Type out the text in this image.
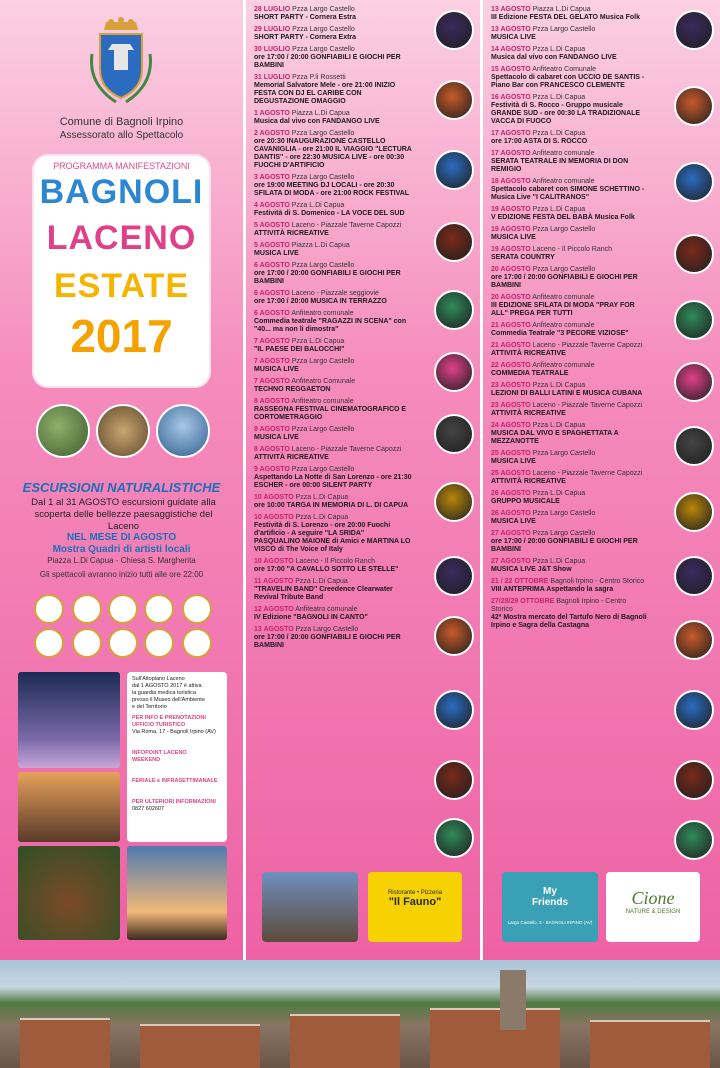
Comune di Bagnoli Irpino
Assessorato allo Spettacolo
PROGRAMMA MANIFESTAZIONI
BAGNOLI
LACENO
ESTATE
2017
ESCURSIONI NATURALISTICHE
Dal 1 al 31 AGOSTO escursioni guidate alla scoperta delle bellezze paesaggistiche del Laceno
NEL MESE DI AGOSTO
Mostra Quadri di artisti locali
Piazza L.Di Capua - Chiesa S. Margherita
Gli spettacoli avranno inizio tutti alle ore 22:00
Sull'Altopiano Laceno
dal 1 AGOSTO 2017 è attiva
la guardia medica turistica
presso il Museo dell'Ambiente
e del Territorio
PER INFO E PRENOTAZIONI
UFFICIO TURISTICO
Via Roma, 17 - Bagnoli Irpino (AV)
INFOPOINT LACENO
WEEKEND
FERIALE e INFRASETTIMANALE
PER ULTERIORI INFORMAZIONI
0827 602607
28 LUGLIO Pzza Largo Castello
SHORT PARTY - Cornera Estra
29 LUGLIO Pzza Largo Castello
SHORT PARTY - Cornera Extra
30 LUGLIO Pzza Largo Castello
ore 17:00 / 20:00 GONFIABILI E GIOCHI PER BAMBINI
31 LUGLIO Pzza P.li Rossetti
Memorial Salvatore Mele - ore 21:00 INIZIO FESTA CON DJ EL CARIBE CON DEGUSTAZIONE OMAGGIO
1 AGOSTO Piazza L.Di Capua
Musica dal vivo con FANDANGO LIVE
2 AGOSTO Pzza Largo Castello
ore 20:30 INAUGURAZIONE CASTELLO CAVANIGLIA - ore 21:00 IL VIAGGIO "LECTURA DANTIS" - ore 22:30 MUSICA LIVE - ore 00:30 FUOCHI D'ARTIFICIO
3 AGOSTO Pzza Largo Castello
ore 19:00 MEETING DJ LOCALI - ore 20:30 SFILATA DI MODA - ore 21:00 ROCK FESTIVAL
4 AGOSTO Pzza L.Di Capua
Festività di S. Domenico - LA VOCE DEL SUD
5 AGOSTO Laceno - Piazzale Taverne Capozzi
ATTIVITÀ RICREATIVE
5 AGOSTO Piazza L.Di Capua
MUSICA LIVE
6 AGOSTO Pzza Largo Castello
ore 17:00 / 20:00 GONFIABILI E GIOCHI PER BAMBINI
6 AGOSTO Laceno - Piazzale seggiovie
ore 17:00 / 20:00 MUSICA IN TERRAZZO
6 AGOSTO Anfiteatro comunale
Commedia teatrale "RAGAZZI IN SCENA" con "40... ma non li dimostra"
7 AGOSTO Pzza L.Di Capua
"IL PAESE DEI BALOCCHI"
7 AGOSTO Pzza Largo Castello
MUSICA LIVE
7 AGOSTO Anfiteatro Comunale
TECHNO REGGAETON
8 AGOSTO Anfiteatro comunale
RASSEGNA FESTIVAL CINEMATOGRAFICO E CORTOMETRAGGIO
8 AGOSTO Pzza Largo Castello
MUSICA LIVE
8 AGOSTO Laceno - Piazzale Taverne Capozzi
ATTIVITÀ RICREATIVE
9 AGOSTO Pzza Largo Castello
Aspettando La Notte di San Lorenzo - ore 21:30 ESCHER - ore 00:00 SILENT PARTY
10 AGOSTO Pzza L.Di Capua
ore 10:00 TARGA IN MEMORIA DI L. DI CAPUA
10 AGOSTO Pzza L.Di Capua
Festività di S. Lorenzo - ore 20:00 Fuochi d'artificio - A seguire "LA SRIDA" PASQUALINO MAIONE di Amici e MARTINA LO VISCO di The Voice of Italy
10 AGOSTO Laceno - Il Piccolo Ranch
ore 17:00 "A CAVALLO SOTTO LE STELLE"
11 AGOSTO Pzza L.Di Capua
"TRAVELIN BAND" Creedence Clearwater Revival Tribute Band
12 AGOSTO Anfiteatro comunale
IV Edizione "BAGNOLI IN CANTO"
13 AGOSTO Pzza Largo Castello
ore 17:00 / 20:00 GONFIABILI E GIOCHI PER BAMBINI
13 AGOSTO Piazza L.Di Capua
III Edizione FESTA DEL GELATO Musica Folk
13 AGOSTO Pzza Largo Castello
MUSICA LIVE
14 AGOSTO Pzza L.Di Capua
Musica dal vivo con FANDANGO LIVE
15 AGOSTO Anfiteatro Comunale
Spettacolo di cabaret con UCCIO DE SANTIS - Piano Bar con FRANCESCO CLEMENTE
16 AGOSTO Pzza L.Di Capua
Festività di S. Rocco - Gruppo musicale GRANDE SUD - ore 00:30 LA TRADIZIONALE VACCA DI FUOCO
17 AGOSTO Pzza L.Di Capua
ore 17:00 ASTA DI S. ROCCO
17 AGOSTO Anfiteatro comunale
SERATA TEATRALE IN MEMORIA DI DON REMIGIO
18 AGOSTO Anfiteatro comunale
Spettacolo cabaret con SIMONE SCHETTINO - Musica Live "I CALITRANOS"
19 AGOSTO Pzza L.Di Capua
V EDIZIONE FESTA DEL BABÀ Musica Folk
19 AGOSTO Pzza Largo Castello
MUSICA LIVE
19 AGOSTO Laceno - Il Piccolo Ranch
SERATA COUNTRY
20 AGOSTO Pzza Largo Castello
ore 17:00 / 20:00 GONFIABILI E GIOCHI PER BAMBINI
20 AGOSTO Anfiteatro comunale
III EDIZIONE SFILATA DI MODA "PRAY FOR ALL" PREGA PER TUTTI
21 AGOSTO Anfiteatro comunale
Commedia Teatrale "3 PECORE VIZIOSE"
21 AGOSTO Laceno - Piazzale Taverne Capozzi
ATTIVITÀ RICREATIVE
22 AGOSTO Anfiteatro comunale
COMMEDIA TEATRALE
23 AGOSTO Pzza L.Di Capua
LEZIONI DI BALLI LATINI E MUSICA CUBANA
23 AGOSTO Laceno - Piazzale Taverne Capozzi
ATTIVITÀ RICREATIVE
24 AGOSTO Pzza L.Di Capua
MUSICA DAL VIVO E SPAGHETTATA A MEZZANOTTE
25 AGOSTO Pzza Largo Castello
MUSICA LIVE
25 AGOSTO Laceno - Piazzale Taverne Capozzi
ATTIVITÀ RICREATIVE
26 AGOSTO Pzza L.Di Capua
GRUPPO MUSICALE
26 AGOSTO Pzza Largo Castello
MUSICA LIVE
27 AGOSTO Pzza Largo Castello
ore 17:00 / 20:00 GONFIABILI E GIOCHI PER BAMBINI
27 AGOSTO Pzza L.Di Capua
MUSICA LIVE J&T Show
21 / 22 OTTOBRE Bagnoli Irpino - Centro Storico
VIII ANTEPRIMA Aspettando la sagra
27/28/29 OTTOBRE Bagnoli Irpino - Centro Storico
42ª Mostra mercato del Tartufo Nero di Bagnoli Irpino e Sagra della Castagna
Ristorante • Pizzeria
"Il Fauno"
My
Friends
Largo Castello, 3 - BAGNOLI IRPINO (AV)
Cione
NATURE & DESIGN
